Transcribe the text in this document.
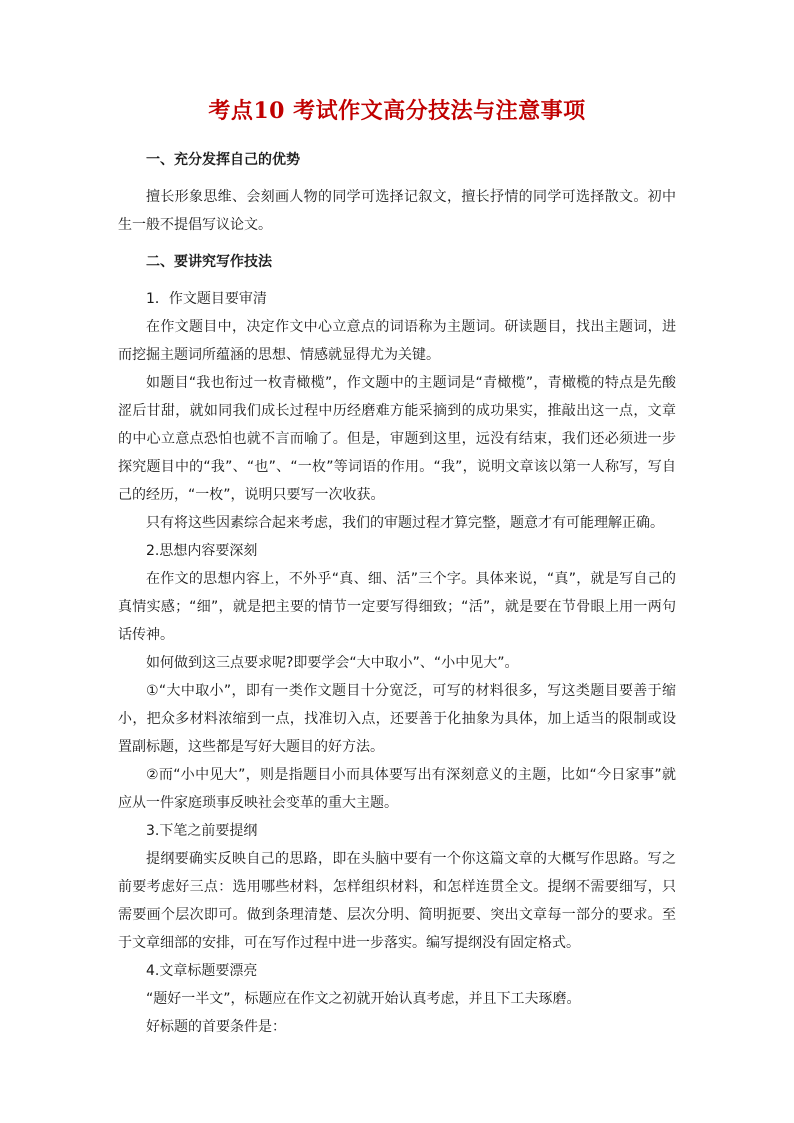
考点10 考试作文高分技法与注意事项

一、充分发挥自己的优势

擅长形象思维、会刻画人物的同学可选择记叙文，擅长抒情的同学可选择散文。初中生一般不提倡写议论文。

二、要讲究写作技法

1．作文题目要审清

在作文题目中，决定作文中心立意点的词语称为主题词。研读题目，找出主题词，进而挖掘主题词所蕴涵的思想、情感就显得尤为关键。

如题目“我也衔过一枚青橄榄”，作文题中的主题词是“青橄榄”，青橄榄的特点是先酸涩后甘甜，就如同我们成长过程中历经磨难方能采摘到的成功果实，推敲出这一点，文章的中心立意点恐怕也就不言而喻了。但是，审题到这里，远没有结束，我们还必须进一步探究题目中的“我”、“也”、“一枚”等词语的作用。“我”，说明文章该以第一人称写，写自己的经历，“一枚”，说明只要写一次收获。

只有将这些因素综合起来考虑，我们的审题过程才算完整，题意才有可能理解正确。

2.思想内容要深刻

在作文的思想内容上，不外乎“真、细、活”三个字。具体来说，“真”，就是写自己的真情实感；“细”，就是把主要的情节一定要写得细致；“活”，就是要在节骨眼上用一两句话传神。

如何做到这三点要求呢?即要学会“大中取小”、“小中见大”。

①“大中取小”，即有一类作文题目十分宽泛，可写的材料很多，写这类题目要善于缩小，把众多材料浓缩到一点，找准切入点，还要善于化抽象为具体，加上适当的限制或设置副标题，这些都是写好大题目的好方法。

②而“小中见大”，则是指题目小而具体要写出有深刻意义的主题，比如“今日家事”就应从一件家庭琐事反映社会变革的重大主题。

3.下笔之前要提纲

提纲要确实反映自己的思路，即在头脑中要有一个你这篇文章的大概写作思路。写之前要考虑好三点：选用哪些材料，怎样组织材料，和怎样连贯全文。提纲不需要细写，只需要画个层次即可。做到条理清楚、层次分明、简明扼要、突出文章每一部分的要求。至于文章细部的安排，可在写作过程中进一步落实。编写提纲没有固定格式。

4.文章标题要漂亮

“题好一半文”，标题应在作文之初就开始认真考虑，并且下工夫琢磨。

好标题的首要条件是：
